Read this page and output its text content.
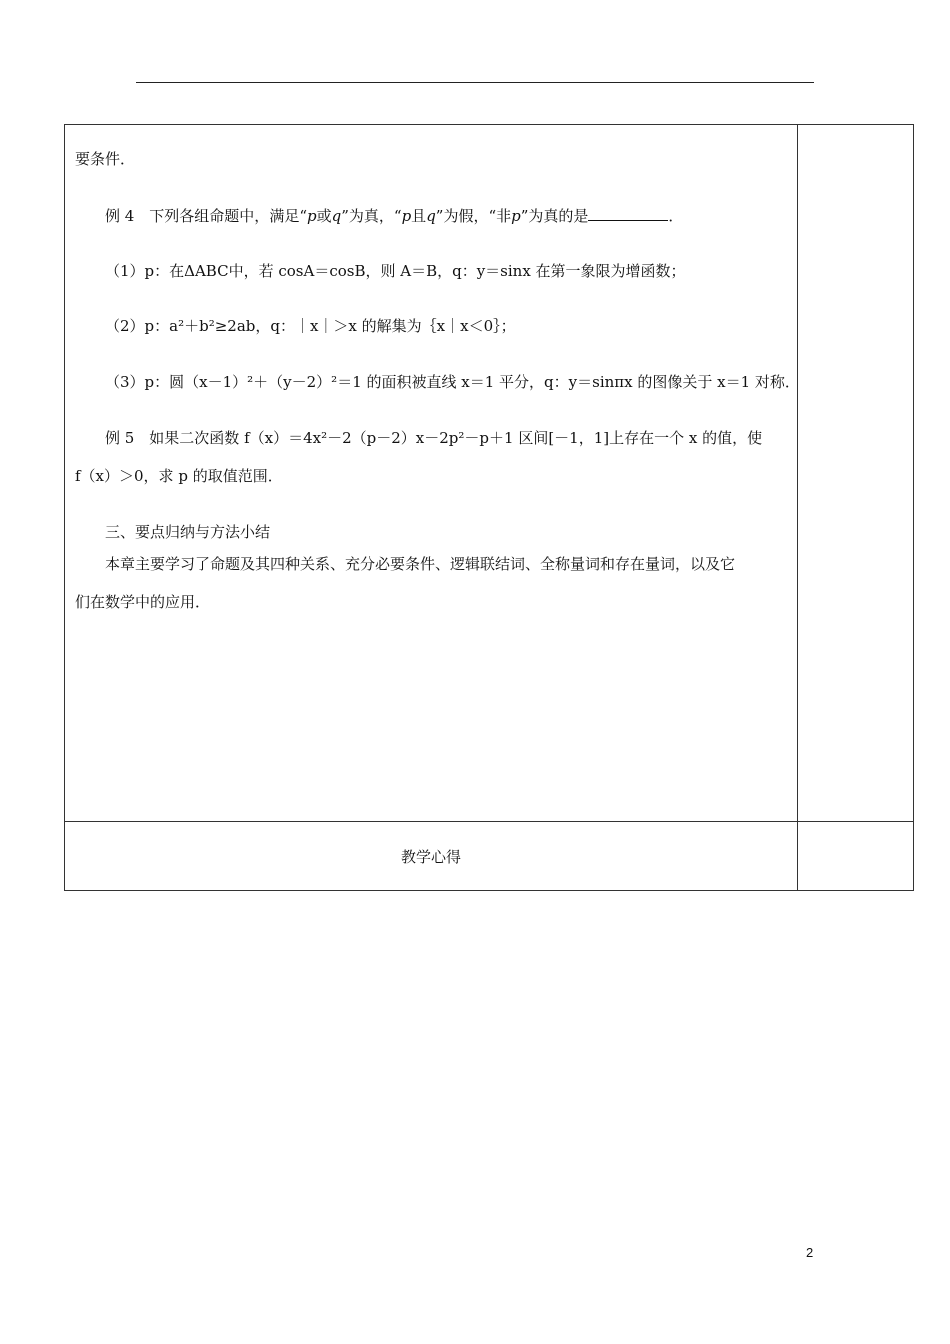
教学心得
要条件．
例 4　下列各组命题中，满足“p或q”为真，“p且q”为假，“非p”为真的是	．
（1）p：在ΔABC中，若 cosA＝cosB，则 A＝B，q：y＝sinx 在第一象限为增函数；
（2）p：a²＋b²≥2ab，q：｜x｜＞x 的解集为｛x｜x＜0｝；
（3）p：圆（x－1）²＋（y－2）²＝1 的面积被直线 x＝1 平分，q：y＝sinπx 的图像关于 x＝1 对称．
例 5　如果二次函数 f（x）＝4x²－2（p－2）x－2p²－p＋1 区间[－1，1]上存在一个 x 的值，使
f（x）＞0，求 p 的取值范围．
三、要点归纳与方法小结
本章主要学习了命题及其四种关系、充分必要条件、逻辑联结词、全称量词和存在量词，以及它
们在数学中的应用．
2
